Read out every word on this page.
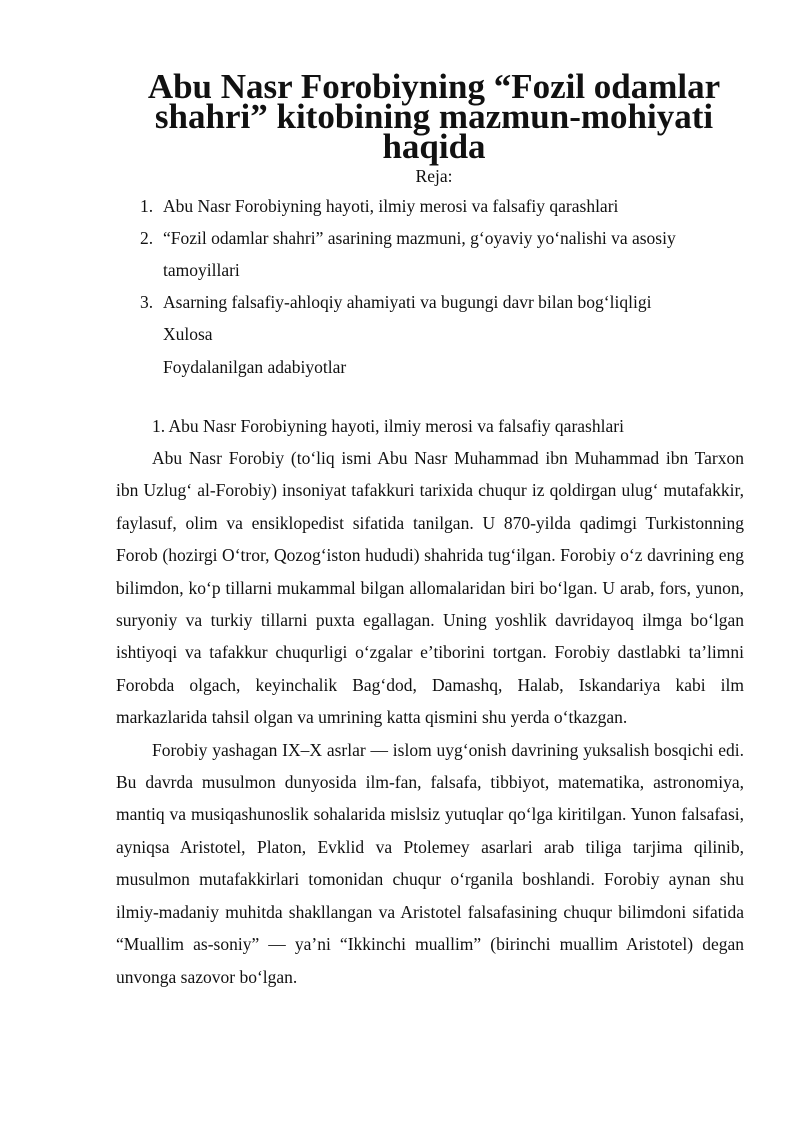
Abu Nasr Forobiyning “Fozil odamlar shahri” kitobining mazmun-mohiyati
haqida
Reja:
1. Abu Nasr Forobiyning hayoti, ilmiy merosi va falsafiy qarashlari
2. “Fozil odamlar shahri” asarining mazmuni, g‘oyaviy yo‘nalishi va asosiy tamoyillari
3. Asarning falsafiy-ahloqiy ahamiyati va bugungi davr bilan bog‘liqligi
Xulosa
Foydalanilgan adabiyotlar
1. Abu Nasr Forobiyning hayoti, ilmiy merosi va falsafiy qarashlari

Abu Nasr Forobiy (to‘liq ismi Abu Nasr Muhammad ibn Muhammad ibn Tarxon ibn Uzlug‘ al-Forobiy) insoniyat tafakkuri tarixida chuqur iz qoldirgan ulug‘ mutafakkir, faylasuf, olim va ensiklopedist sifatida tanilgan. U 870-yilda qadimgi Turkistonning Forob (hozirgi O‘tror, Qozog‘iston hududi) shahrida tug‘ilgan. Forobiy o‘z davrining eng bilimdon, ko‘p tillarni mukammal bilgan allomalaridan biri bo‘lgan. U arab, fors, yunon, suryoniy va turkiy tillarni puxta egallagan. Uning yoshlik davridayoq ilmga bo‘lgan ishtiyoqi va tafakkur chuqurligi o‘zgalar e’tiborini tortgan. Forobiy dastlabki ta’limni Forobda olgach, keyinchalik Bag‘dod, Damashq, Halab, Iskandariya kabi ilm markazlarida tahsil olgan va umrining katta qismini shu yerda o‘tkazgan.

Forobiy yashagan IX–X asrlar — islom uyg‘onish davrining yuksalish bosqichi edi. Bu davrda musulmon dunyosida ilm-fan, falsafa, tibbiyot, matematika, astronomiya, mantiq va musiqashunoslik sohalarida mislsiz yutuqlar qo‘lga kiritilgan. Yunon falsafasi, ayniqsa Aristotel, Platon, Evklid va Ptolemey asarlari arab tiliga tarjima qilinib, musulmon mutafakkirlari tomonidan chuqur o‘rganila boshlandi. Forobiy aynan shu ilmiy-madaniy muhitda shakllangan va Aristotel falsafasining chuqur bilimdoni sifatida “Muallim as-soniy” — ya’ni “Ikkinchi muallim” (birinchi muallim Aristotel) degan unvonga sazovor bo‘lgan.
